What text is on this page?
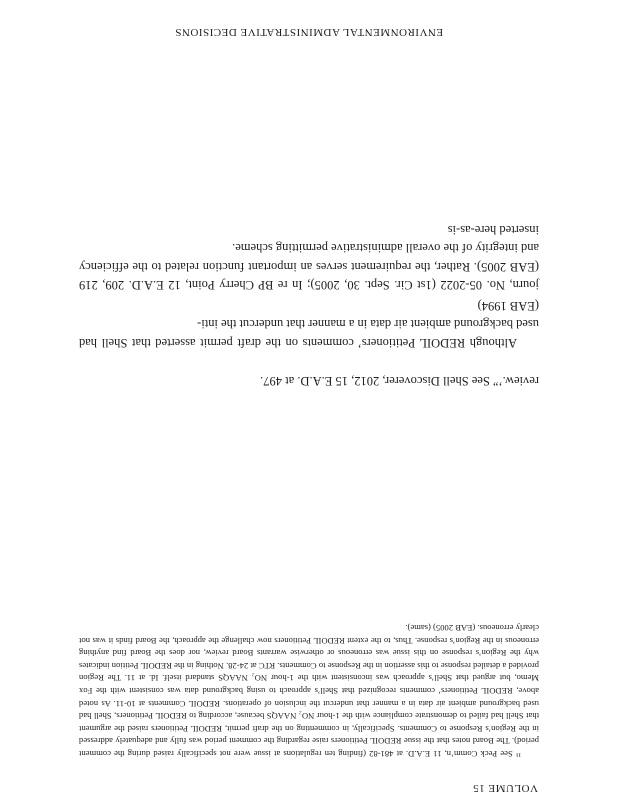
ENVIRONMENTAL ADMINISTRATIVE DECISIONS

review.’” See Shell Discoverer, 2012, 15 E.A.D. at 497.

Although REDOIL Petitioners’ comments on the draft permit asserted that Shell had used background ambient air data in a manner that undercut the inti-

(EAB 1994)

journ, No. 05-2022 (1st Cir. Sept. 30, 2005); In re BP Cherry Point, 12 E.A.D. 209, 219 (EAB 2005). Rather, the requirement serves an important function related to the efficiency and integrity of the overall administrative permitting scheme.

inserted here-as-is

¹¹ See Peck Comm’n, 11 E.A.D. at 481-82 (finding ten regulations at issue were not specifically raised during the comment period). The Board notes that the issue REDOIL Petitioners raise regarding the comment period was fully and adequately addressed in the Region’s Response to Comments. Specifically, in commenting on the draft permit, REDOIL Petitioners raised the argument that Shell had failed to demonstrate compliance with the 1-hour NO₂ NAAQS because, according to REDOIL Petitioners, Shell had used background ambient air data in a manner that undercut the inclusion of operations. REDOIL Comments at 10-11. As noted above, REDOIL Petitioners’ comments recognized that Shell’s approach to using background data was consistent with the Fox Memo, but argued that Shell’s approach was inconsistent with the 1-hour NO₂ NAAQS standard itself. Id. at 11. The Region provided a detailed response to this assertion in the Response to Comments. RTC at 24-28. Nothing in the REDOIL Petition indicates why the Region’s response on this issue was erroneous or otherwise warrants Board review, nor does the Board find anything erroneous in the Region’s response. Thus, to the extent REDOIL Petitioners now challenge the approach, the Board finds it was not clearly erroneous. (EAB 2005) (same).

VOLUME 15
